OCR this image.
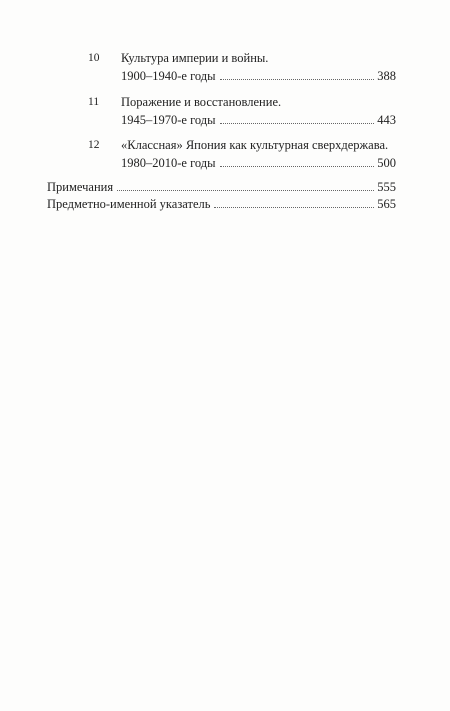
10	Культура империи и войны.
1900–1940-е годы	388
11	Поражение и восстановление.
1945–1970-е годы	443
12	«Классная» Япония как культурная сверхдержава.
1980–2010-е годы	500
Примечания	555
Предметно-именной указатель	565
